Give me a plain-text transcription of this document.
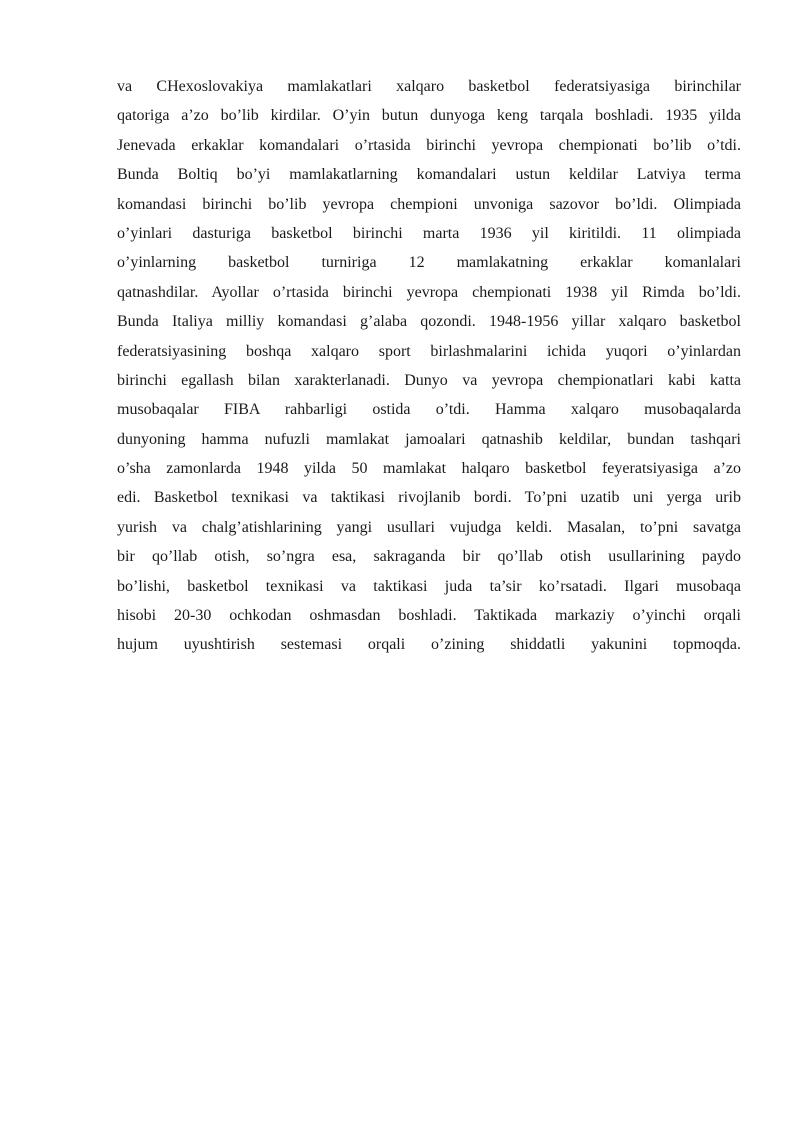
va CHexoslovakiya mamlakatlari xalqaro basketbol federatsiyasiga birinchilar
qatoriga a’zo bo’lib kirdilar. O’yin butun dunyoga keng tarqala boshladi. 1935 yilda
Jenevada erkaklar komandalari o’rtasida birinchi yevropa chempionati bo’lib o’tdi.
Bunda Boltiq bo’yi mamlakatlarning komandalari ustun keldilar Latviya terma
komandasi birinchi bo’lib yevropa chempioni unvoniga sazovor bo’ldi. Olimpiada
o’yinlari dasturiga basketbol birinchi marta 1936 yil kiritildi. 11 olimpiada
o’yinlarning basketbol turniriga 12 mamlakatning erkaklar komanlalari
qatnashdilar. Ayollar o’rtasida birinchi yevropa chempionati 1938 yil Rimda bo’ldi.
Bunda Italiya milliy komandasi g’alaba qozondi. 1948-1956 yillar xalqaro basketbol
federatsiyasining boshqa xalqaro sport birlashmalarini ichida yuqori o’yinlardan
birinchi egallash bilan xarakterlanadi. Dunyo va yevropa chempionatlari kabi katta
musobaqalar FIBA rahbarligi ostida o’tdi. Hamma xalqaro musobaqalarda
dunyoning hamma nufuzli mamlakat jamoalari qatnashib keldilar, bundan tashqari
o’sha zamonlarda 1948 yilda 50 mamlakat halqaro basketbol feyeratsiyasiga a’zo
edi. Basketbol texnikasi va taktikasi rivojlanib bordi. To’pni uzatib uni yerga urib
yurish va chalg’atishlarining yangi usullari vujudga keldi. Masalan, to’pni savatga
bir qo’llab otish, so’ngra esa, sakraganda bir qo’llab otish usullarining paydo
bo’lishi, basketbol texnikasi va taktikasi juda ta’sir ko’rsatadi. Ilgari musobaqa
hisobi 20-30 ochkodan oshmasdan boshladi. Taktikada markaziy o’yinchi orqali
hujum uyushtirish sestemasi orqali o’zining shiddatli yakunini topmoqda.
